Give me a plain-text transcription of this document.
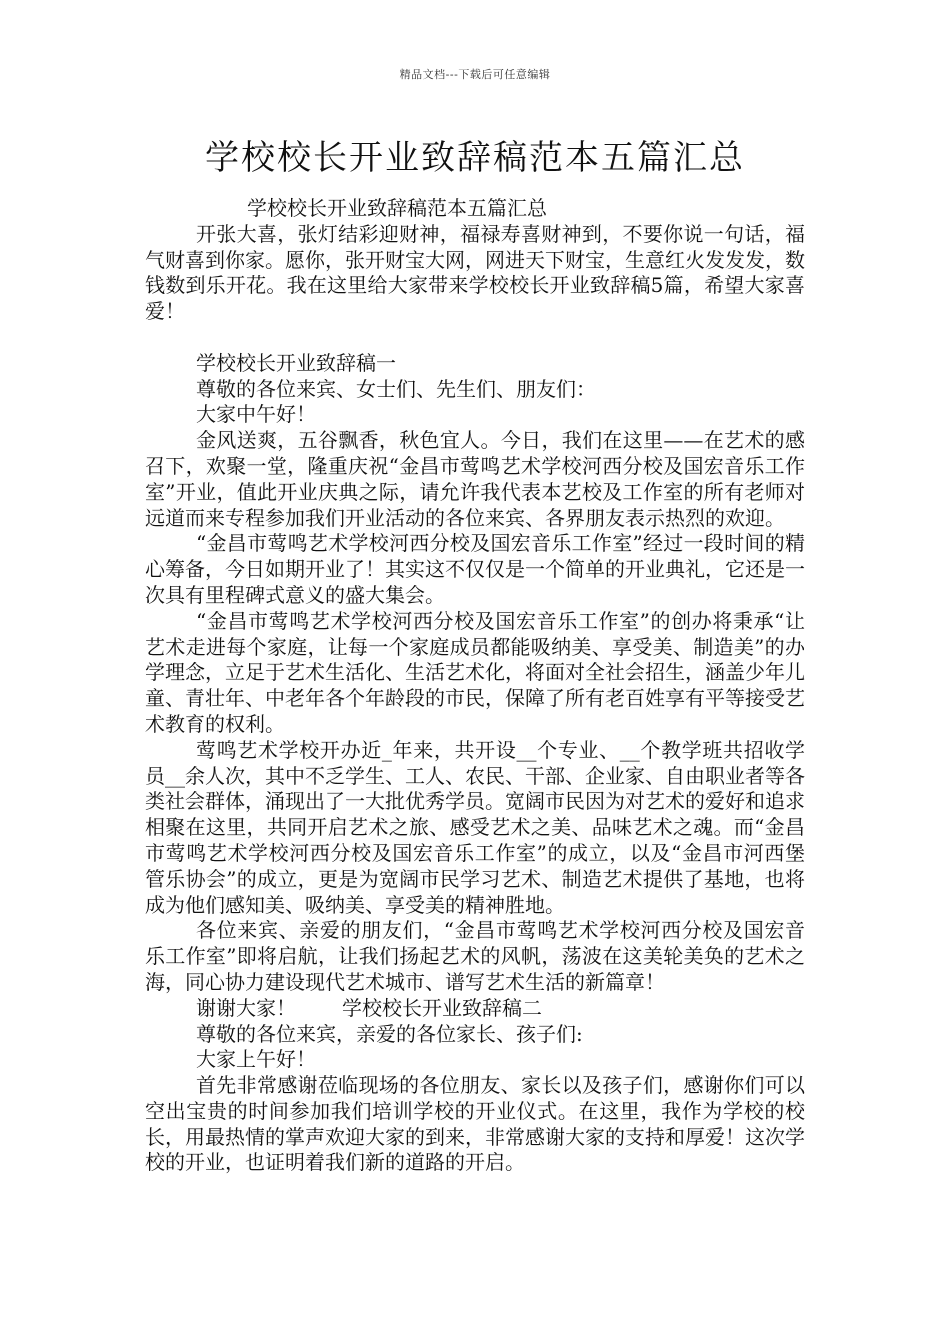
精品文档---下载后可任意编辑
学校校长开业致辞稿范本五篇汇总

学校校长开业致辞稿范本五篇汇总

开张大喜，张灯结彩迎财神，福禄寿喜财神到，不要你说一句话，福气财喜到你家。愿你，张开财宝大网，网进天下财宝，生意红火发发发，数钱数到乐开花。我在这里给大家带来学校校长开业致辞稿5篇，希望大家喜爱！

学校校长开业致辞稿一

尊敬的各位来宾、女士们、先生们、朋友们：

大家中午好！

金风送爽，五谷飘香，秋色宜人。今日，我们在这里——在艺术的感召下，欢聚一堂，隆重庆祝“金昌市莺鸣艺术学校河西分校及国宏音乐工作室”开业，值此开业庆典之际，请允许我代表本艺校及工作室的所有老师对远道而来专程参加我们开业活动的各位来宾、各界朋友表示热烈的欢迎。

“金昌市莺鸣艺术学校河西分校及国宏音乐工作室”经过一段时间的精心筹备，今日如期开业了！其实这不仅仅是一个简单的开业典礼，它还是一次具有里程碑式意义的盛大集会。

“金昌市莺鸣艺术学校河西分校及国宏音乐工作室”的创办将秉承“让艺术走进每个家庭，让每一个家庭成员都能吸纳美、享受美、制造美”的办学理念，立足于艺术生活化、生活艺术化，将面对全社会招生，涵盖少年儿童、青壮年、中老年各个年龄段的市民，保障了所有老百姓享有平等接受艺术教育的权利。

莺鸣艺术学校开办近_年来，共开设__个专业、__个教学班共招收学员__余人次，其中不乏学生、工人、农民、干部、企业家、自由职业者等各类社会群体，涌现出了一大批优秀学员。宽阔市民因为对艺术的爱好和追求相聚在这里，共同开启艺术之旅、感受艺术之美、品味艺术之魂。而“金昌市莺鸣艺术学校河西分校及国宏音乐工作室”的成立，以及“金昌市河西堡管乐协会”的成立，更是为宽阔市民学习艺术、制造艺术提供了基地，也将成为他们感知美、吸纳美、享受美的精神胜地。

各位来宾、亲爱的朋友们，“金昌市莺鸣艺术学校河西分校及国宏音乐工作室”即将启航，让我们扬起艺术的风帆，荡波在这美轮美奂的艺术之海，同心协力建设现代艺术城市、谱写艺术生活的新篇章！

谢谢大家！ 学校校长开业致辞稿二

尊敬的各位来宾，亲爱的各位家长、孩子们:

大家上午好！

首先非常感谢莅临现场的各位朋友、家长以及孩子们，感谢你们可以空出宝贵的时间参加我们培训学校的开业仪式。在这里，我作为学校的校长，用最热情的掌声欢迎大家的到来，非常感谢大家的支持和厚爱！这次学校的开业，也证明着我们新的道路的开启。
